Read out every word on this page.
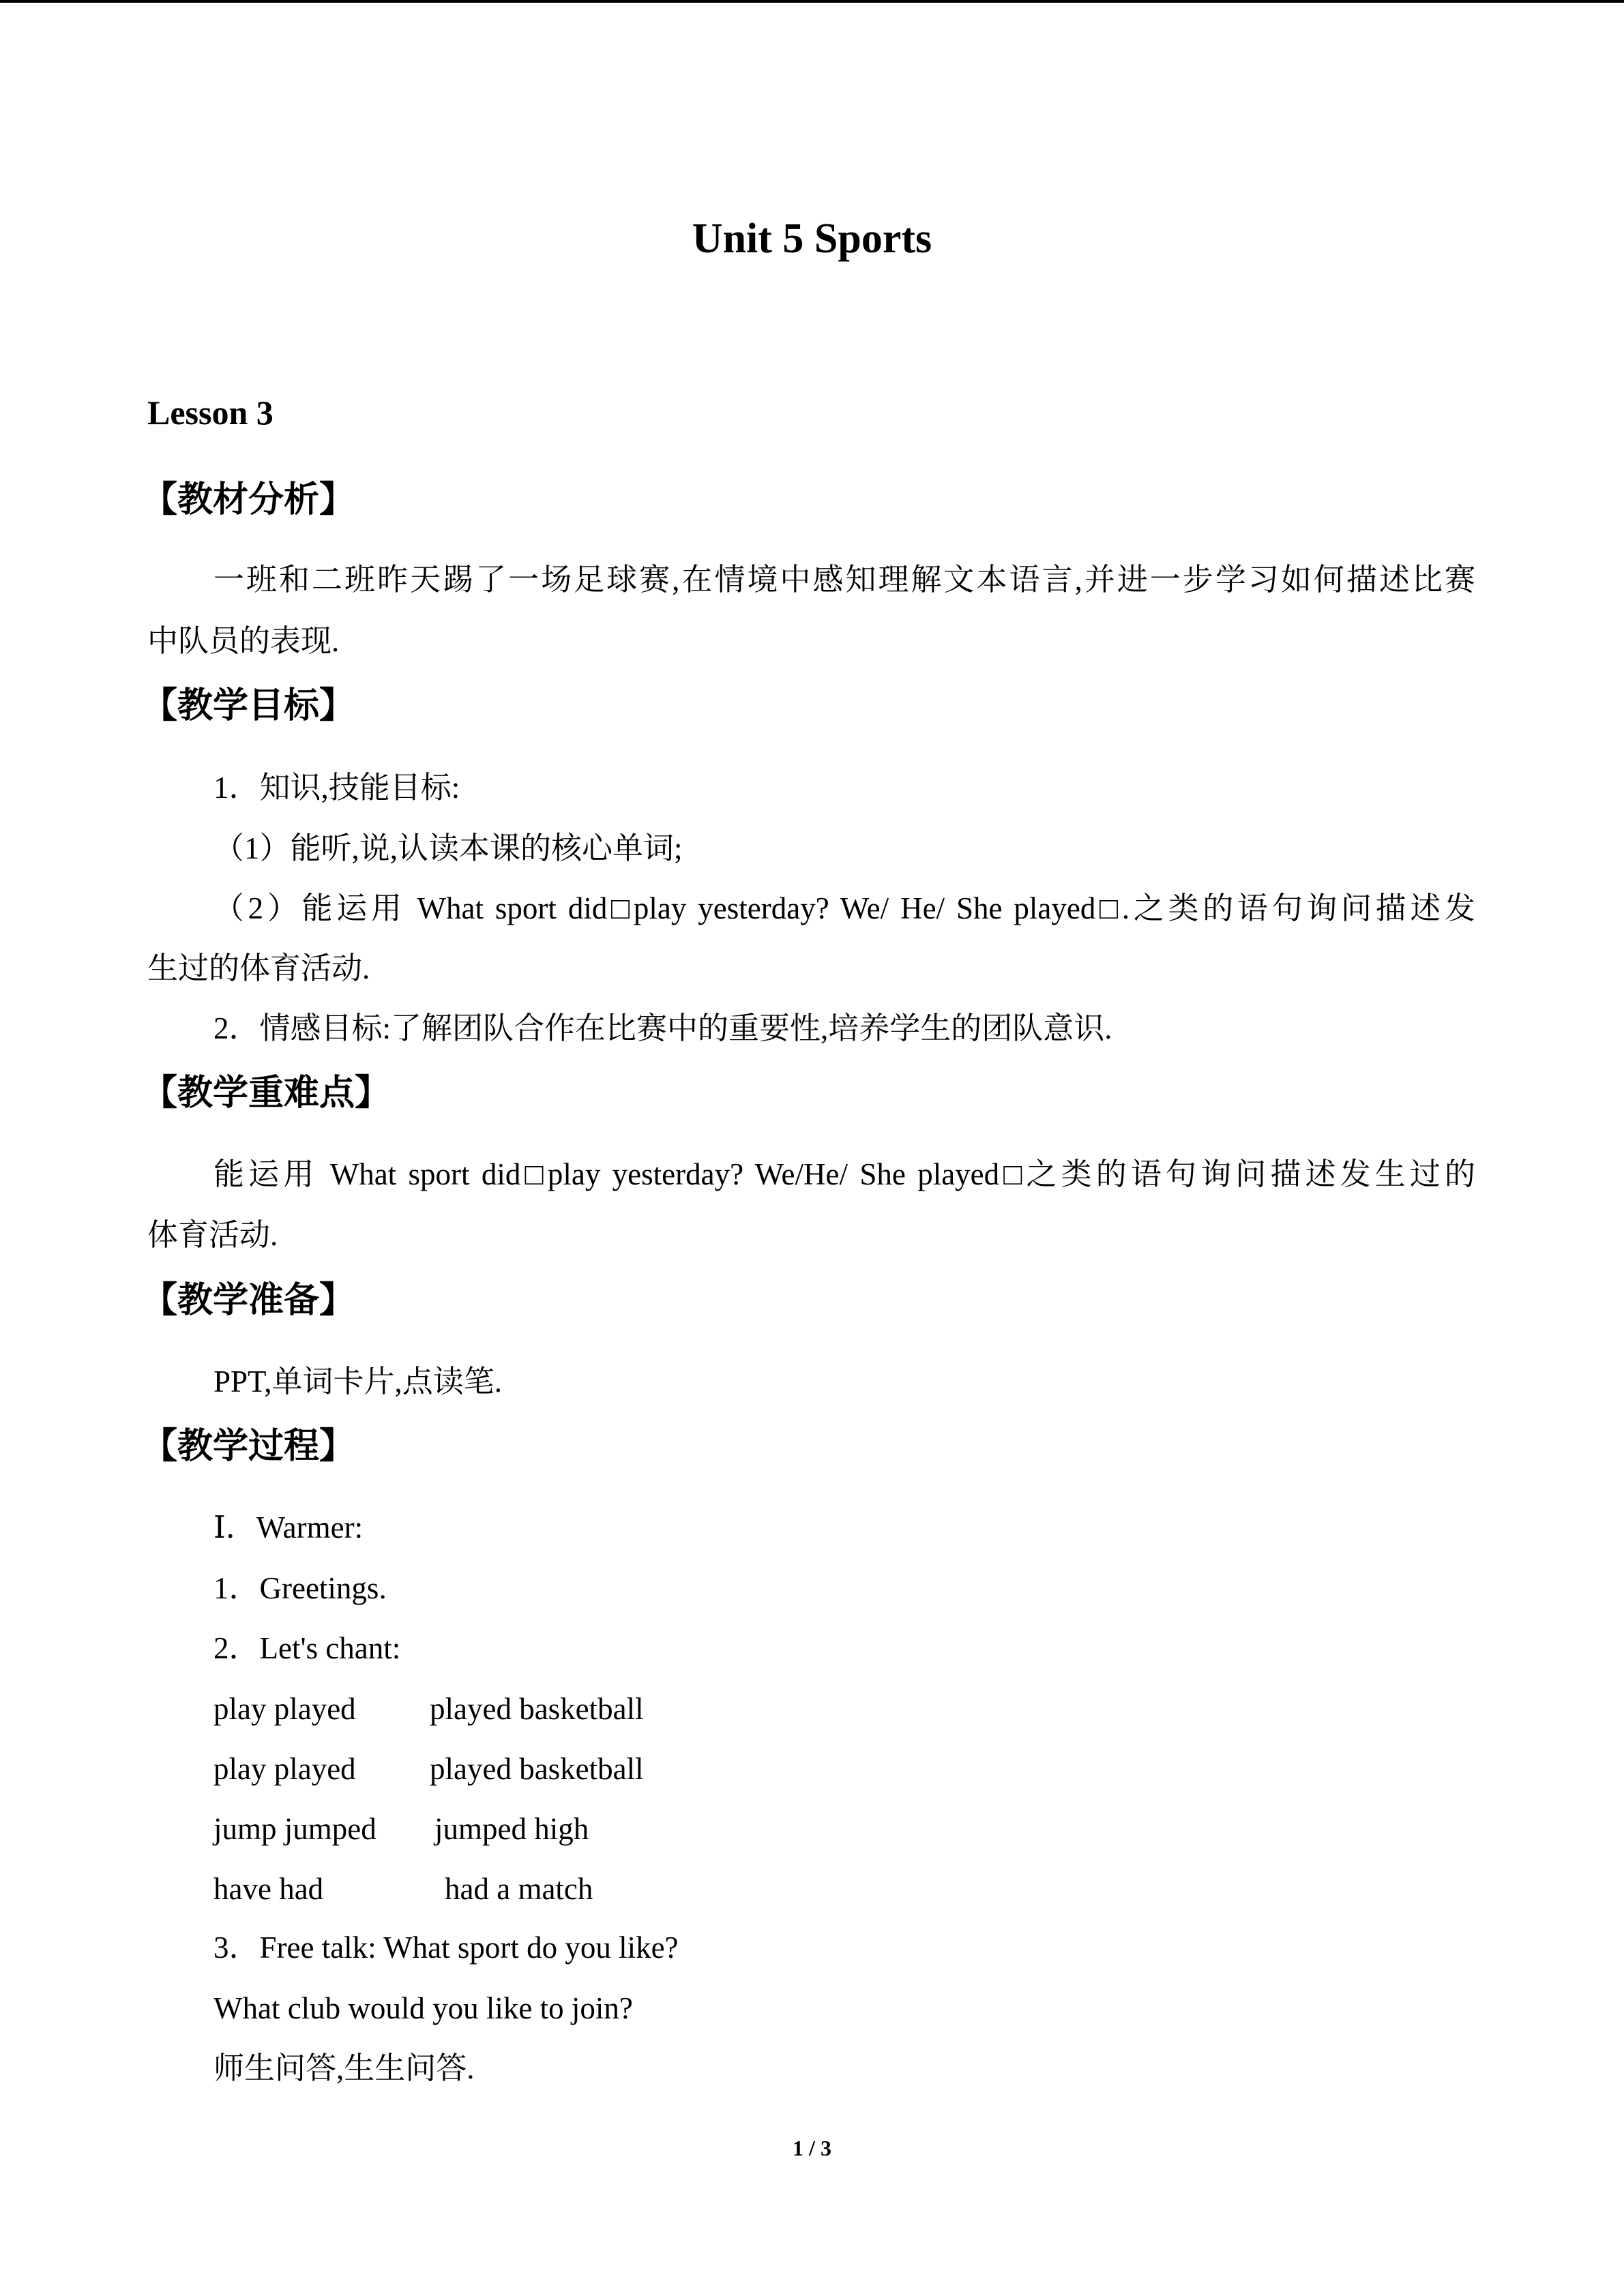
Unit 5 Sports
Lesson 3
【教材分析】
一班和二班昨天踢了一场足球赛,在情境中感知理解文本语言,并进一步学习如何描述比赛
中队员的表现.
【教学目标】
1．知识,技能目标:
（1）能听,说,认读本课的核心单词;
（2）能运用 What sport did□play yesterday? We/ He/ She played□.之类的语句询问描述发
生过的体育活动.
2．情感目标:了解团队合作在比赛中的重要性,培养学生的团队意识.
【教学重难点】
能运用 What sport did□play yesterday? We/He/ She played□之类的语句询问描述发生过的
体育活动.
【教学准备】
PPT,单词卡片,点读笔.
【教学过程】
Ⅰ．Warmer:
1．Greetings.
2．Let's chant:
play played played basketball
play played played basketball
jump jumped jumped high
have had	had a match
3．Free talk: What sport do you like?
What club would you like to join?
师生问答,生生问答.
1 / 3
